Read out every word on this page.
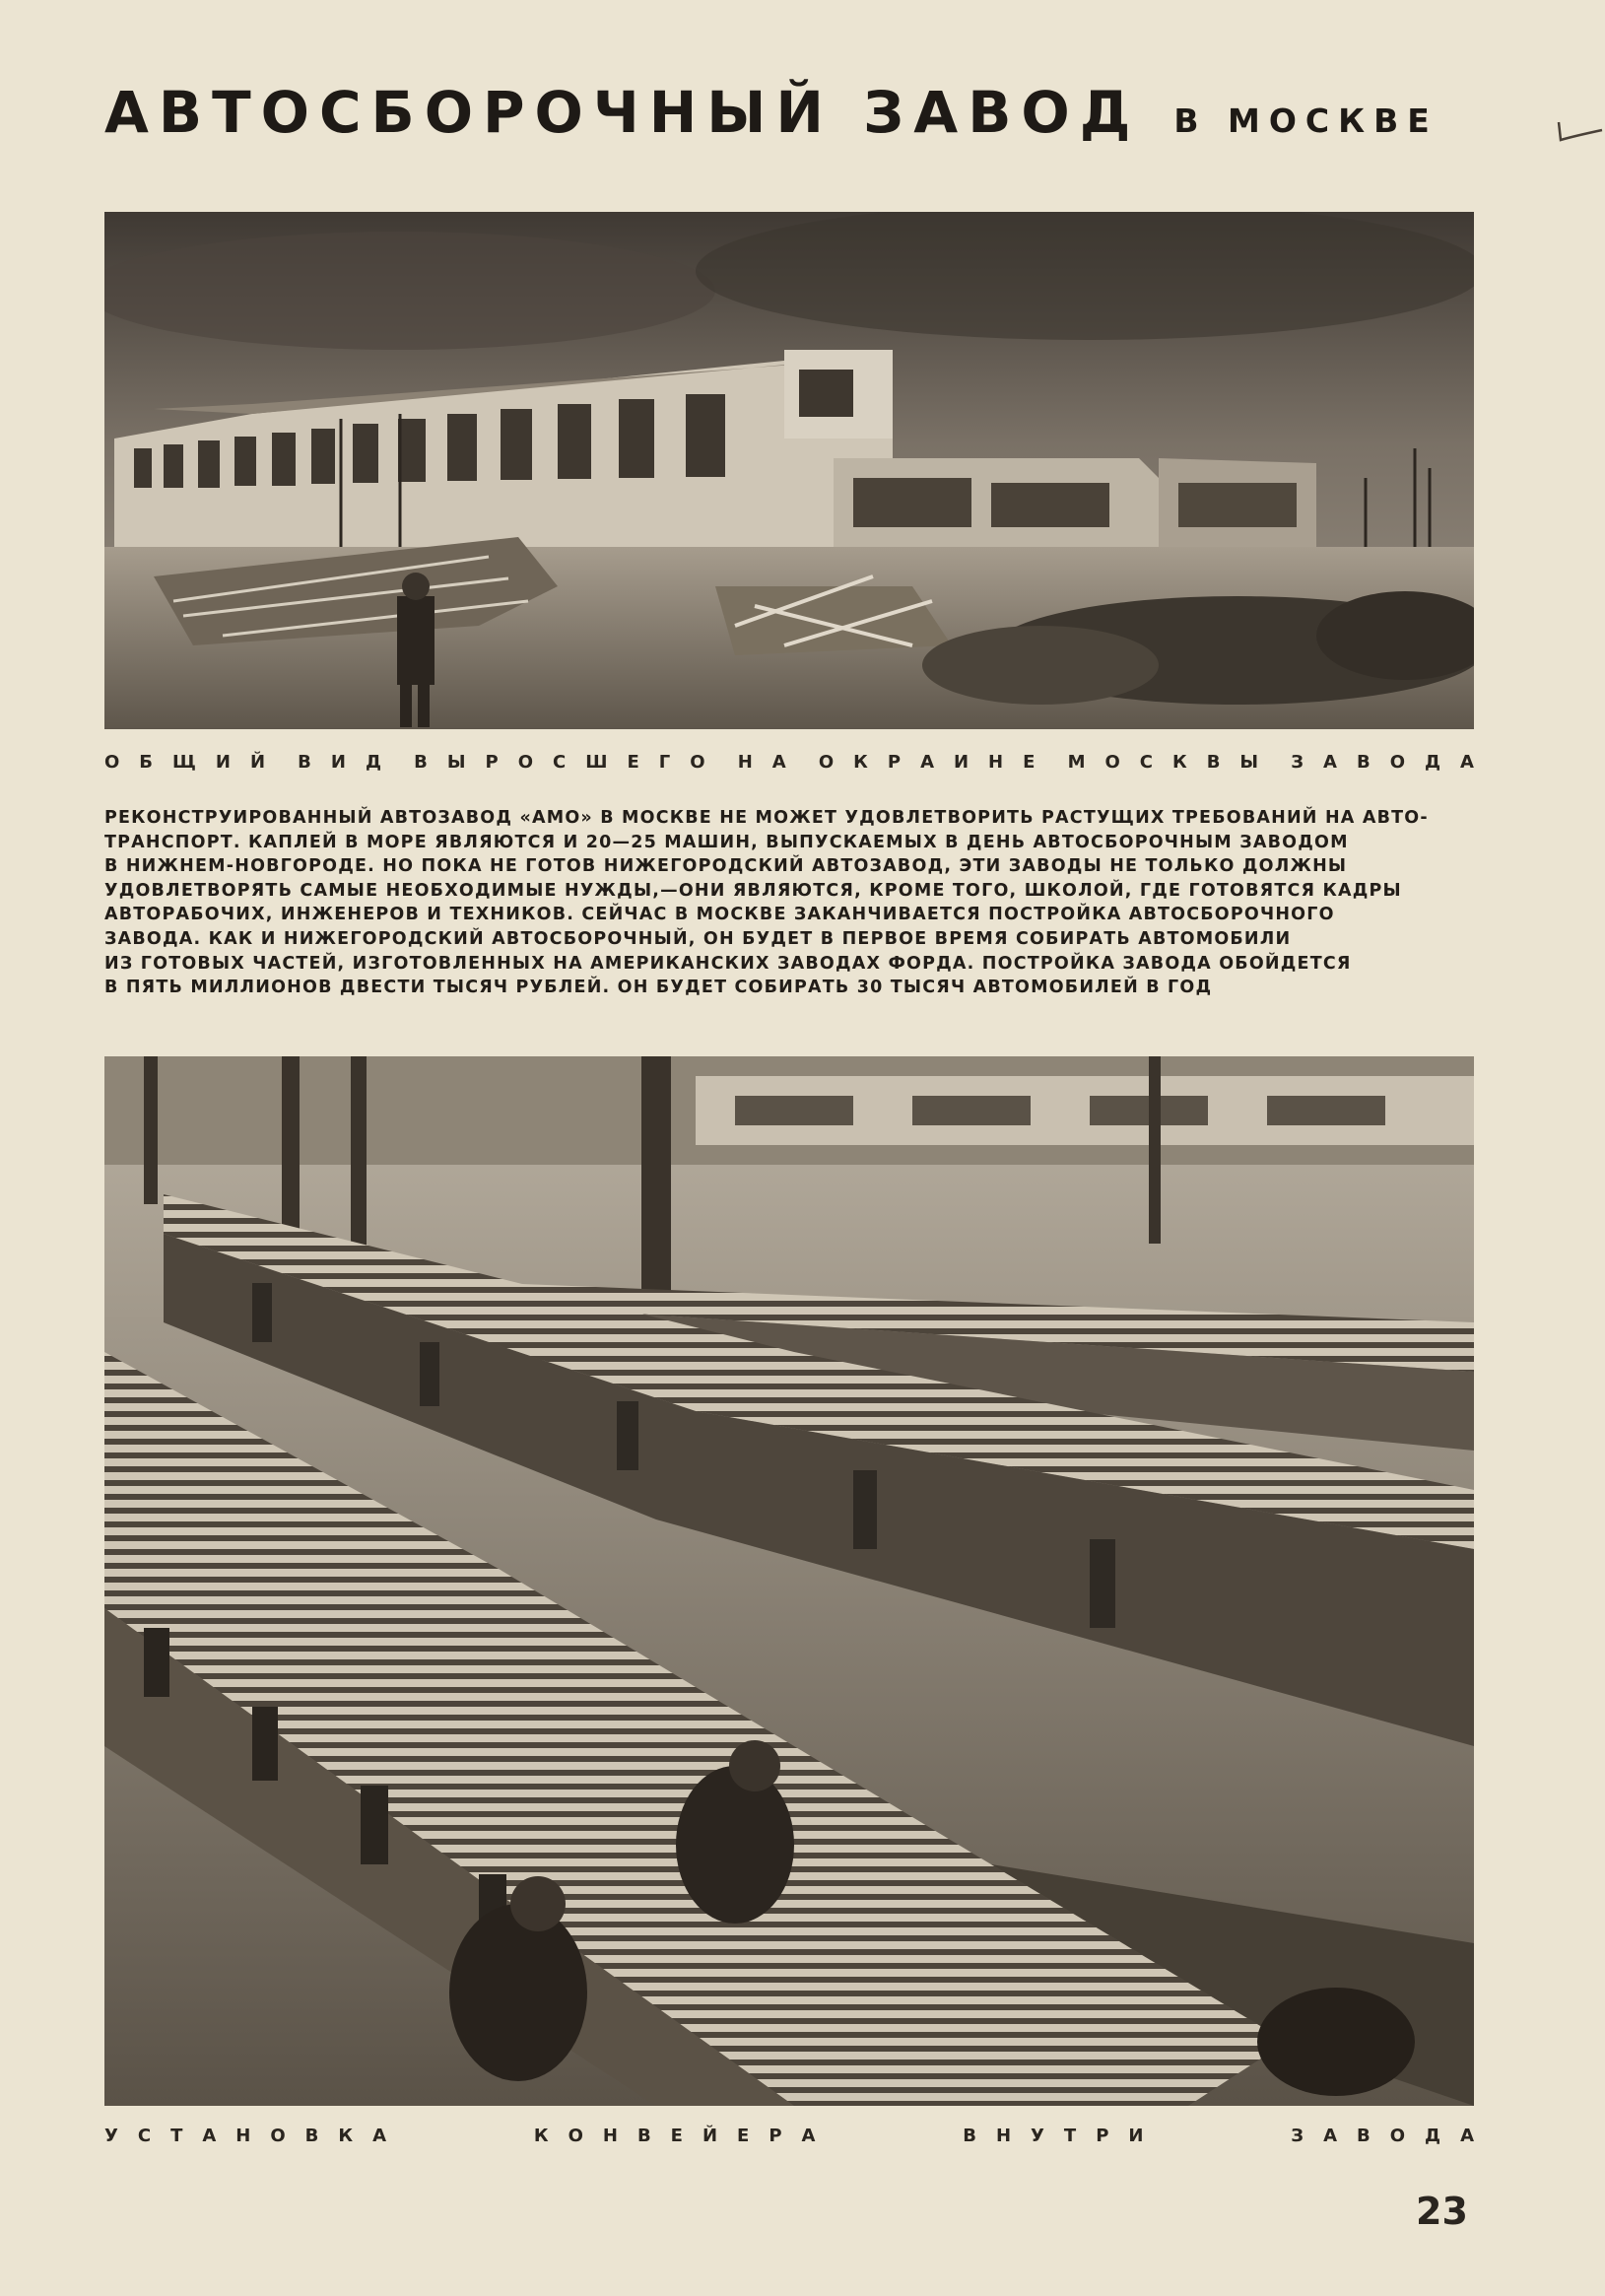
АВТОСБОРОЧНЫЙ ЗАВОД В МОСКВЕ
ОБЩИЙ ВИД ВЫРОСШЕГО НА ОКРАИНЕ МОСКВЫ ЗАВОДА
РЕКОНСТРУИРОВАННЫЙ АВТОЗАВОД «АМО» В МОСКВЕ НЕ МОЖЕТ УДОВЛЕТВОРИТЬ РАСТУЩИХ ТРЕБОВАНИЙ НА АВТО-
ТРАНСПОРТ. КАПЛЕЙ В МОРЕ ЯВЛЯЮТСЯ И 20—25 МАШИН, ВЫПУСКАЕМЫХ В ДЕНЬ АВТОСБОРОЧНЫМ ЗАВОДОМ
В НИЖНЕМ-НОВГОРОДЕ. НО ПОКА НЕ ГОТОВ НИЖЕГОРОДСКИЙ АВТОЗАВОД, ЭТИ ЗАВОДЫ НЕ ТОЛЬКО ДОЛЖНЫ
УДОВЛЕТВОРЯТЬ САМЫЕ НЕОБХОДИМЫЕ НУЖДЫ,—ОНИ ЯВЛЯЮТСЯ, КРОМЕ ТОГО, ШКОЛОЙ, ГДЕ ГОТОВЯТСЯ КАДРЫ
АВТОРАБОЧИХ, ИНЖЕНЕРОВ И ТЕХНИКОВ. СЕЙЧАС В МОСКВЕ ЗАКАНЧИВАЕТСЯ ПОСТРОЙКА АВТОСБОРОЧНОГО
ЗАВОДА. КАК И НИЖЕГОРОДСКИЙ АВТОСБОРОЧНЫЙ, ОН БУДЕТ В ПЕРВОЕ ВРЕМЯ СОБИРАТЬ АВТОМОБИЛИ
ИЗ ГОТОВЫХ ЧАСТЕЙ, ИЗГОТОВЛЕННЫХ НА АМЕРИКАНСКИХ ЗАВОДАХ ФОРДА. ПОСТРОЙКА ЗАВОДА ОБОЙДЕТСЯ
В ПЯТЬ МИЛЛИОНОВ ДВЕСТИ ТЫСЯЧ РУБЛЕЙ. ОН БУДЕТ СОБИРАТЬ 30 ТЫСЯЧ АВТОМОБИЛЕЙ В ГОД
УСТАНОВКА	КОНВЕЙЕРА	ВНУТРИ	ЗАВОДА
23
